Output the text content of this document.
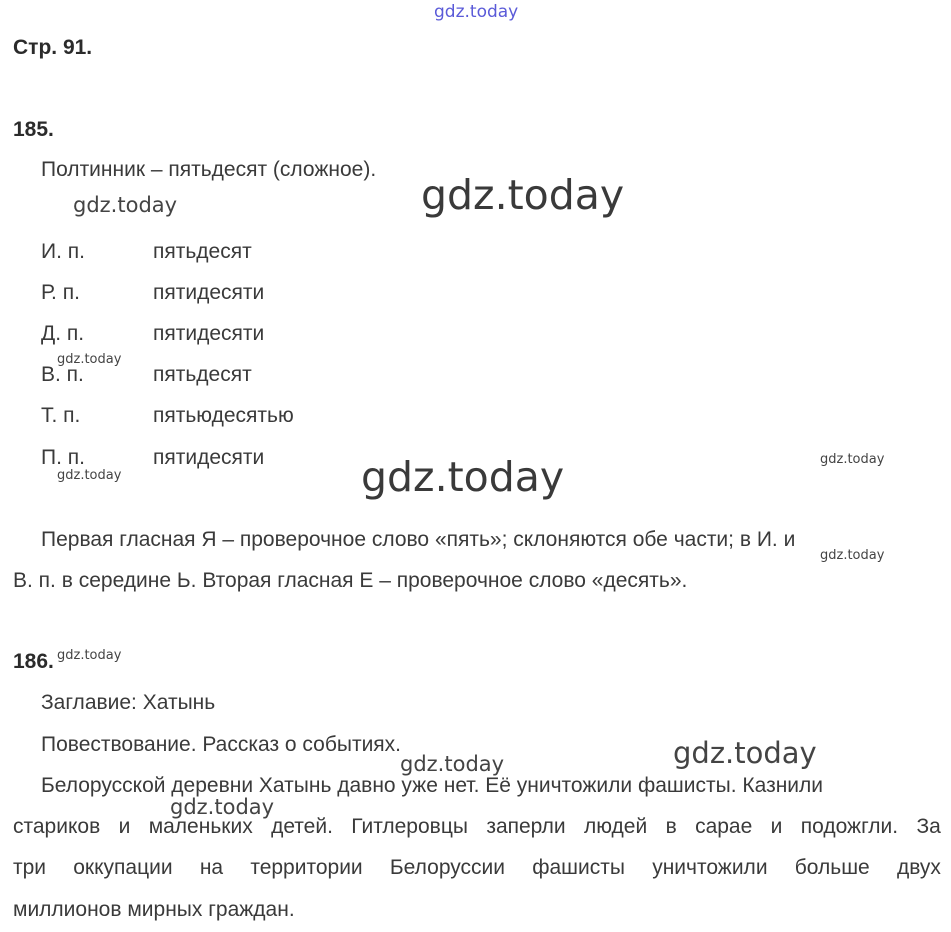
gdz.today
Стр. 91.
185.
Полтинник – пятьдесят (сложное).
gdz.today
gdz.today
И. п.	пятьдесят
Р. п.	пятидесяти
Д. п.	пятидесяти
В. п.	пятьдесят
Т. п.	пятьюдесятью
П. п.	пятидесяти
gdz.today
gdz.today
gdz.today
gdz.today
Первая гласная Я – проверочное слово «пять»; склоняются обе части; в И. и
gdz.today
В. п. в середине Ь. Вторая гласная Е – проверочное слово «десять».
186. gdz.today
Заглавие: Хатынь
Повествование. Рассказ о событиях.	gdz.today
gdz.today
Белорусской деревни Хатынь давно уже нет. Её уничтожили фашисты. Казнили
gdz.today
стариков и маленьких детей. Гитлеровцы заперли людей в сарае и подожгли. За
три оккупации на территории Белоруссии фашисты уничтожили больше двух
миллионов мирных граждан.
